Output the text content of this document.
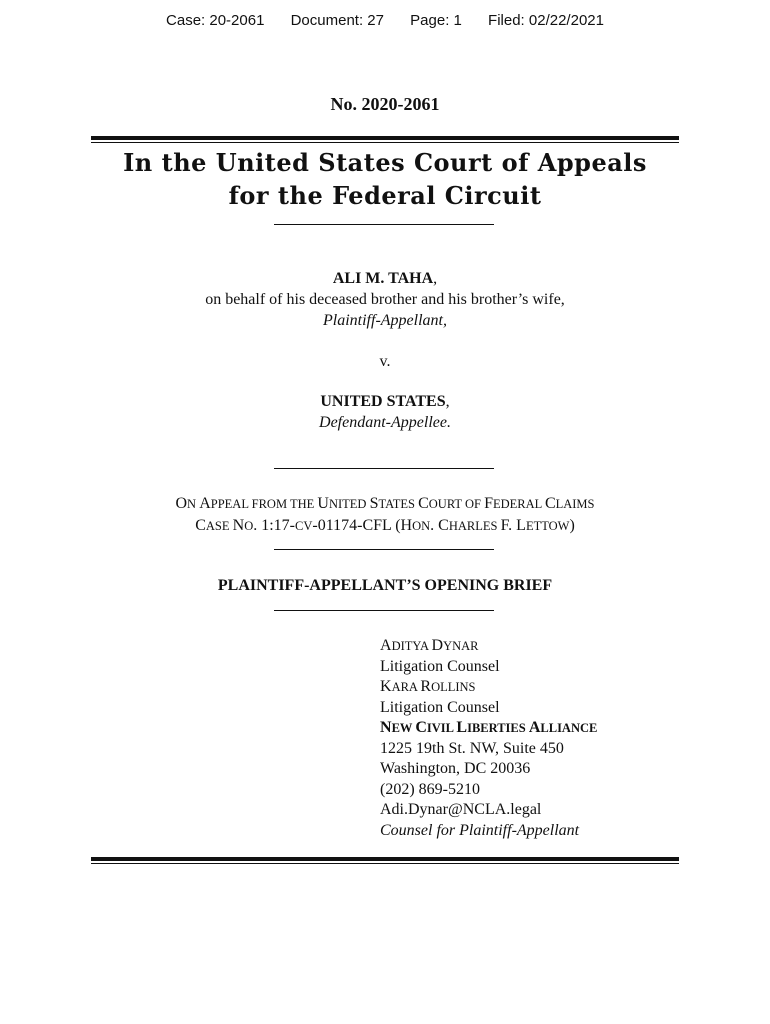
Case: 20-2061 Document: 27 Page: 1 Filed: 02/22/2021
No. 2020-2061
In the United States Court of Appeals
for the Federal Circuit
ALI M. TAHA,
on behalf of his deceased brother and his brother’s wife,
Plaintiff-Appellant,
v.
UNITED STATES,
Defendant-Appellee.
ON APPEAL FROM THE UNITED STATES COURT OF FEDERAL CLAIMS
CASE NO. 1:17-CV-01174-CFL (HON. CHARLES F. LETTOW)
PLAINTIFF-APPELLANT’S OPENING BRIEF
ADITYA DYNAR
Litigation Counsel
KARA ROLLINS
Litigation Counsel
NEW CIVIL LIBERTIES ALLIANCE
1225 19th St. NW, Suite 450
Washington, DC 20036
(202) 869-5210
Adi.Dynar@NCLA.legal
Counsel for Plaintiff-Appellant
